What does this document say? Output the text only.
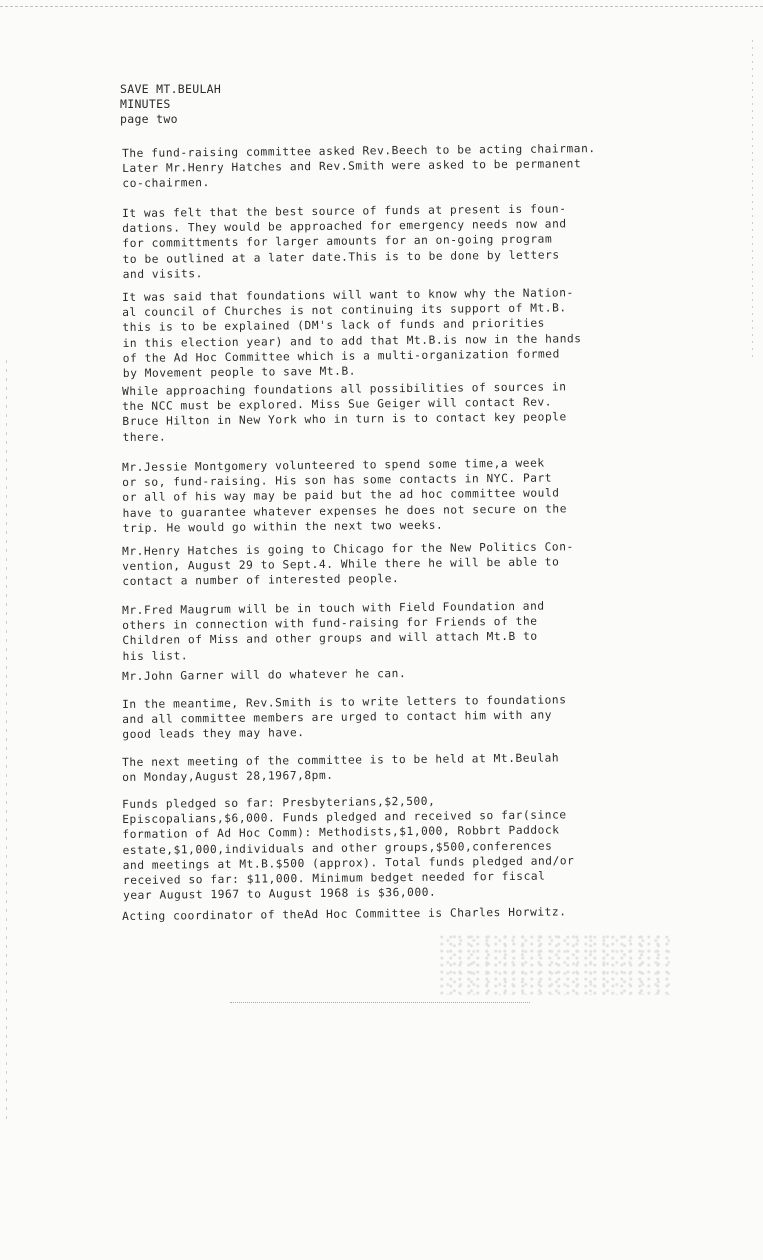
SAVE MT.BEULAH
MINUTES
page two
The fund-raising committee asked Rev.Beech to be acting chairman.
Later Mr.Henry Hatches and Rev.Smith were asked to be permanent
co-chairmen.
It was felt that the best source of funds at present is foun-
dations. They would be approached for emergency needs now and
for committments for larger amounts for an on-going program
to be outlined at a later date.This is to be done by letters
and visits.
It was said that foundations will want to know why the Nation-
al council of Churches is not continuing its support of Mt.B.
this is to be explained (DM's lack of funds and priorities
in this election year) and to add that Mt.B.is now in the hands
of the Ad Hoc Committee which is a multi-organization formed
by Movement people to save Mt.B.
While approaching foundations all possibilities of sources in
the NCC must be explored. Miss Sue Geiger will contact Rev.
Bruce Hilton in New York who in turn is to contact key people
there.
Mr.Jessie Montgomery volunteered to spend some time,a week
or so, fund-raising. His son has some contacts in NYC. Part
or all of his way may be paid but the ad hoc committee would
have to guarantee whatever expenses he does not secure on the
trip. He would go within the next two weeks.
Mr.Henry Hatches is going to Chicago for the New Politics Con-
vention, August 29 to Sept.4. While there he will be able to
contact a number of interested people.
Mr.Fred Maugrum will be in touch with Field Foundation and
others in connection with fund-raising for Friends of the
Children of Miss and other groups and will attach Mt.B to
his list.
Mr.John Garner will do whatever he can.
In the meantime, Rev.Smith is to write letters to foundations
and all committee members are urged to contact him with any
good leads they may have.
The next meeting of the committee is to be held at Mt.Beulah
on Monday,August 28,1967,8pm.
Funds pledged so far: Presbyterians,$2,500,
Episcopalians,$6,000. Funds pledged and received so far(since
formation of Ad Hoc Comm): Methodists,$1,000, Robbrt Paddock
estate,$1,000,individuals and other groups,$500,conferences
and meetings at Mt.B.$500 (approx). Total funds pledged and/or
received so far: $11,000. Minimum bedget needed for fiscal
year August 1967 to August 1968 is $36,000.
Acting coordinator of theAd Hoc Committee is Charles Horwitz.
